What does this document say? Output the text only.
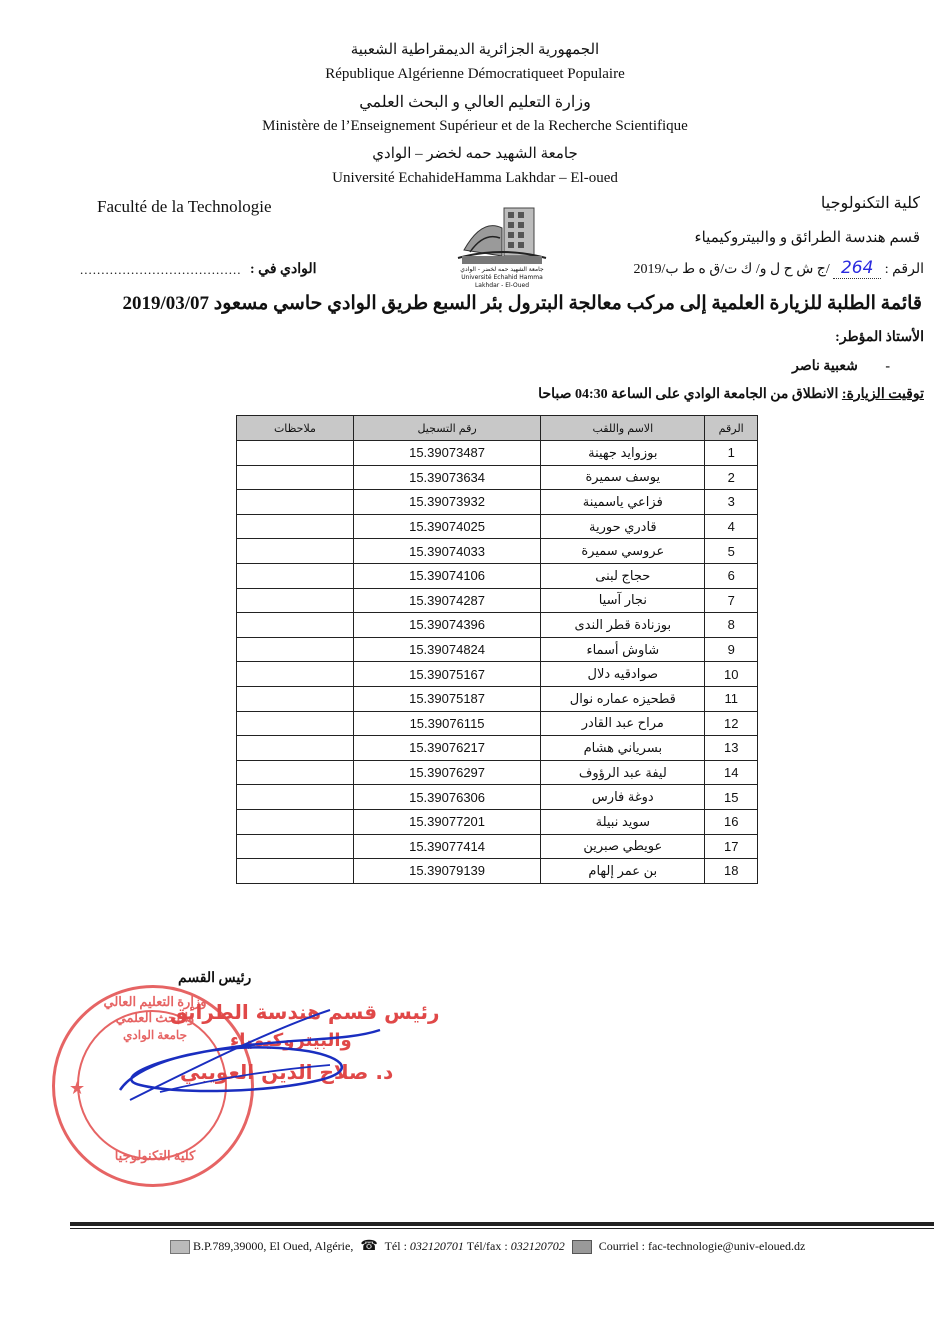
الجمهورية الجزائرية الديمقراطية الشعبية
République Algérienne Démocratiqueet Populaire
وزارة التعليم العالي و البحث العلمي
Ministère de l’Enseignement Supérieur et de la Recherche Scientifique
جامعة الشهيد حمه لخضر – الوادي
Université EchahideHamma Lakhdar – El-oued
Faculté de la Technologie
...................................... الوادي في :	جامعة الشهيد حمه لخضر - الوادي
Université Echahid Hamma Lakhdar - El-Oued
كلية التكنولوجيا
قسم هندسة الطرائق و والبيتروكيمياء
الرقم : 264 /ج ش ح ل و/ ك ت/ق ه ط ب/2019
قائمة الطلبة للزيارة العلمية إلى مركب معالجة البترول بئر السبع طريق الوادي حاسي مسعود 2019/03/07
الأستاذ المؤطر:
- شعبية ناصر
توقيت الزيارة: الانطلاق من الجامعة الوادي على الساعة 04:30 صباحا
الرقم	الاسم واللقب	رقم التسجيل	ملاحظات
1	بوزوايد جهينة	15.39073487	
2	يوسف سميرة	15.39073634	
3	فزاعي ياسمينة	15.39073932	
4	قادري حورية	15.39074025	
5	عروسي سميرة	15.39074033	
6	حجاج لبنى	15.39074106	
7	نجار آسيا	15.39074287	
8	بوزنادة قطر الندى	15.39074396	
9	شاوش أسماء	15.39074824	
10	صوادقيه دلال	15.39075167	
11	قطحيزه عماره نوال	15.39075187	
12	مراح عبد القادر	15.39076115	
13	بسرياني هشام	15.39076217	
14	ليفة عبد الرؤوف	15.39076297	
15	دوغة فارس	15.39076306	
16	سويد نبيلة	15.39077201	
17	عويطي صبرين	15.39077414	
18	بن عمر إلهام	15.39079139	
رئيس القسم
وزارة التعليم العالي والبحث العلمي
جامعة الوادي
كلية التكنولوجيا
★
رئيس قسم هندسة الطرائق
والبيتروكيمياء
د. صلاح الدين العويبي
B.P.789,39000, El Oued, Algérie, ☎ Tél : 032120701 Tél/fax : 032120702	Courriel : fac-technologie@univ-eloued.dz
